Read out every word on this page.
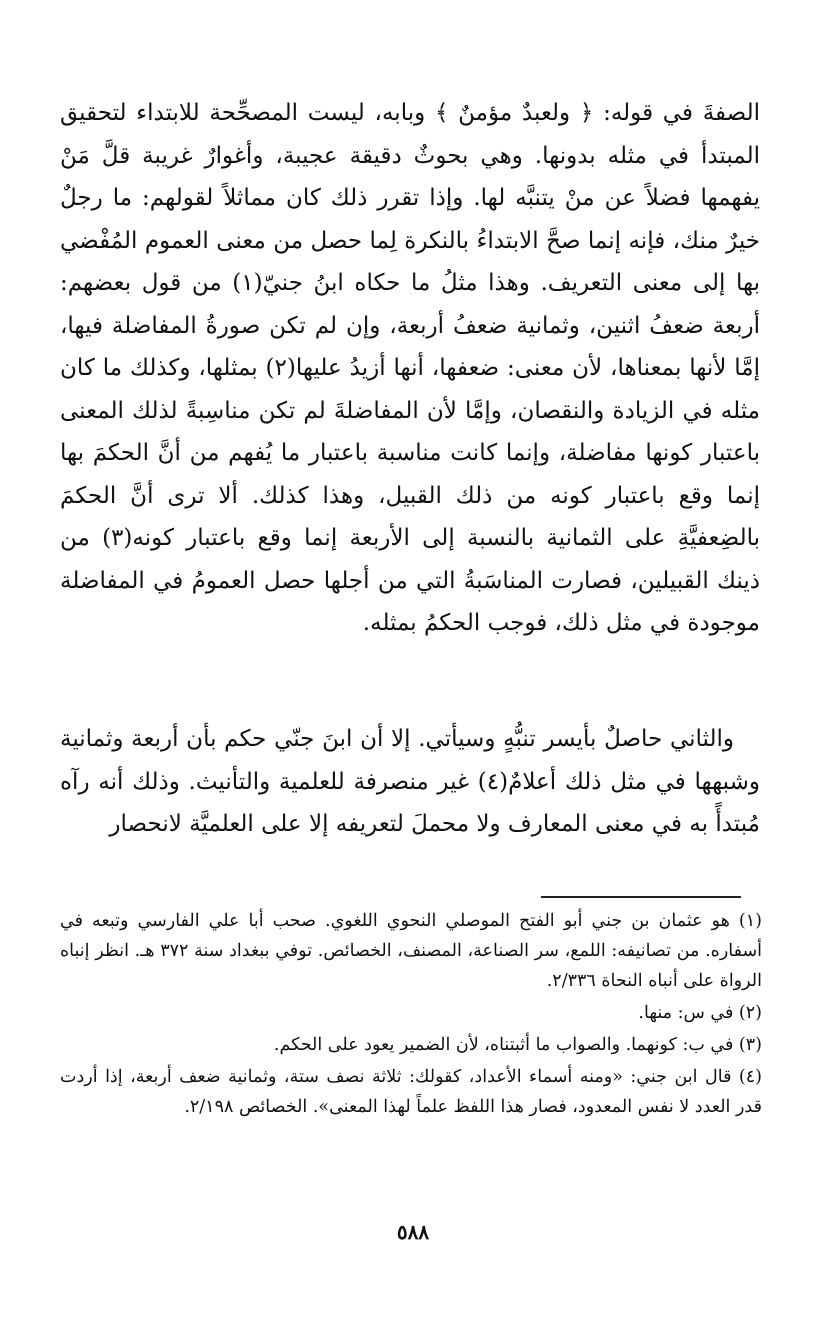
الصفةَ في قوله: ﴿ ولعبدٌ مؤمنٌ ﴾ وبابه، ليست المصحِّحة للابتداء لتحقيق المبتدأ في مثله بدونها. وهي بحوثٌ دقيقة عجيبة، وأغوارٌ غريبة قلَّ مَنْ يفهمها فضلاً عن منْ يتنبَّه لها. وإذا تقرر ذلك كان مماثلاً لقولهم: ما رجلٌ خيرٌ منك، فإنه إنما صحَّ الابتداءُ بالنكرة لِما حصل من معنى العموم المُفْضي بها إلى معنى التعريف. وهذا مثلُ ما حكاه ابنُ جنيّ(١) من قول بعضهم: أربعة ضعفُ اثنين، وثمانية ضعفُ أربعة، وإن لم تكن صورةُ المفاضلة فيها، إمَّا لأنها بمعناها، لأن معنى: ضعفها، أنها أزيدُ عليها(٢) بمثلها، وكذلك ما كان مثله في الزيادة والنقصان، وإمَّا لأن المفاضلةَ لم تكن مناسِبةً لذلك المعنى باعتبار كونها مفاضلة، وإنما كانت مناسبة باعتبار ما يُفهم من أنَّ الحكمَ بها إنما وقع باعتبار كونه من ذلك القبيل، وهذا كذلك. ألا ترى أنَّ الحكمَ بالضِعفيَّةِ على الثمانية بالنسبة إلى الأربعة إنما وقع باعتبار كونه(٣) من ذينك القبيلين، فصارت المناسَبةُ التي من أجلها حصل العمومُ في المفاضلة موجودة في مثل ذلك، فوجب الحكمُ بمثله.

والثاني حاصلٌ بأيسر تنبُّهٍ وسيأتي. إلا أن ابنَ جنّي حكم بأن أربعة وثمانية وشبهها في مثل ذلك أعلامٌ(٤) غير منصرفة للعلمية والتأنيث. وذلك أنه رآه مُبتدأً به في معنى المعارف ولا محملَ لتعريفه إلا على العلميَّة لانحصار

(١) هو عثمان بن جني أبو الفتح الموصلي النحوي اللغوي. صحب أبا علي الفارسي وتبعه في أسفاره. من تصانيفه: اللمع، سر الصناعة، المصنف، الخصائص. توفي ببغداد سنة ٣٧٢ هـ. انظر إنباه الرواة على أنباه النحاة ٢/٣٣٦.

(٢) في س: منها.

(٣) في ب: كونهما. والصواب ما أثبتناه، لأن الضمير يعود على الحكم.

(٤) قال ابن جني: «ومنه أسماء الأعداد، كقولك: ثلاثة نصف ستة، وثمانية ضعف أربعة، إذا أردت قدر العدد لا نفس المعدود، فصار هذا اللفظ علماً لهذا المعنى». الخصائص ٢/١٩٨.

٥٨٨
